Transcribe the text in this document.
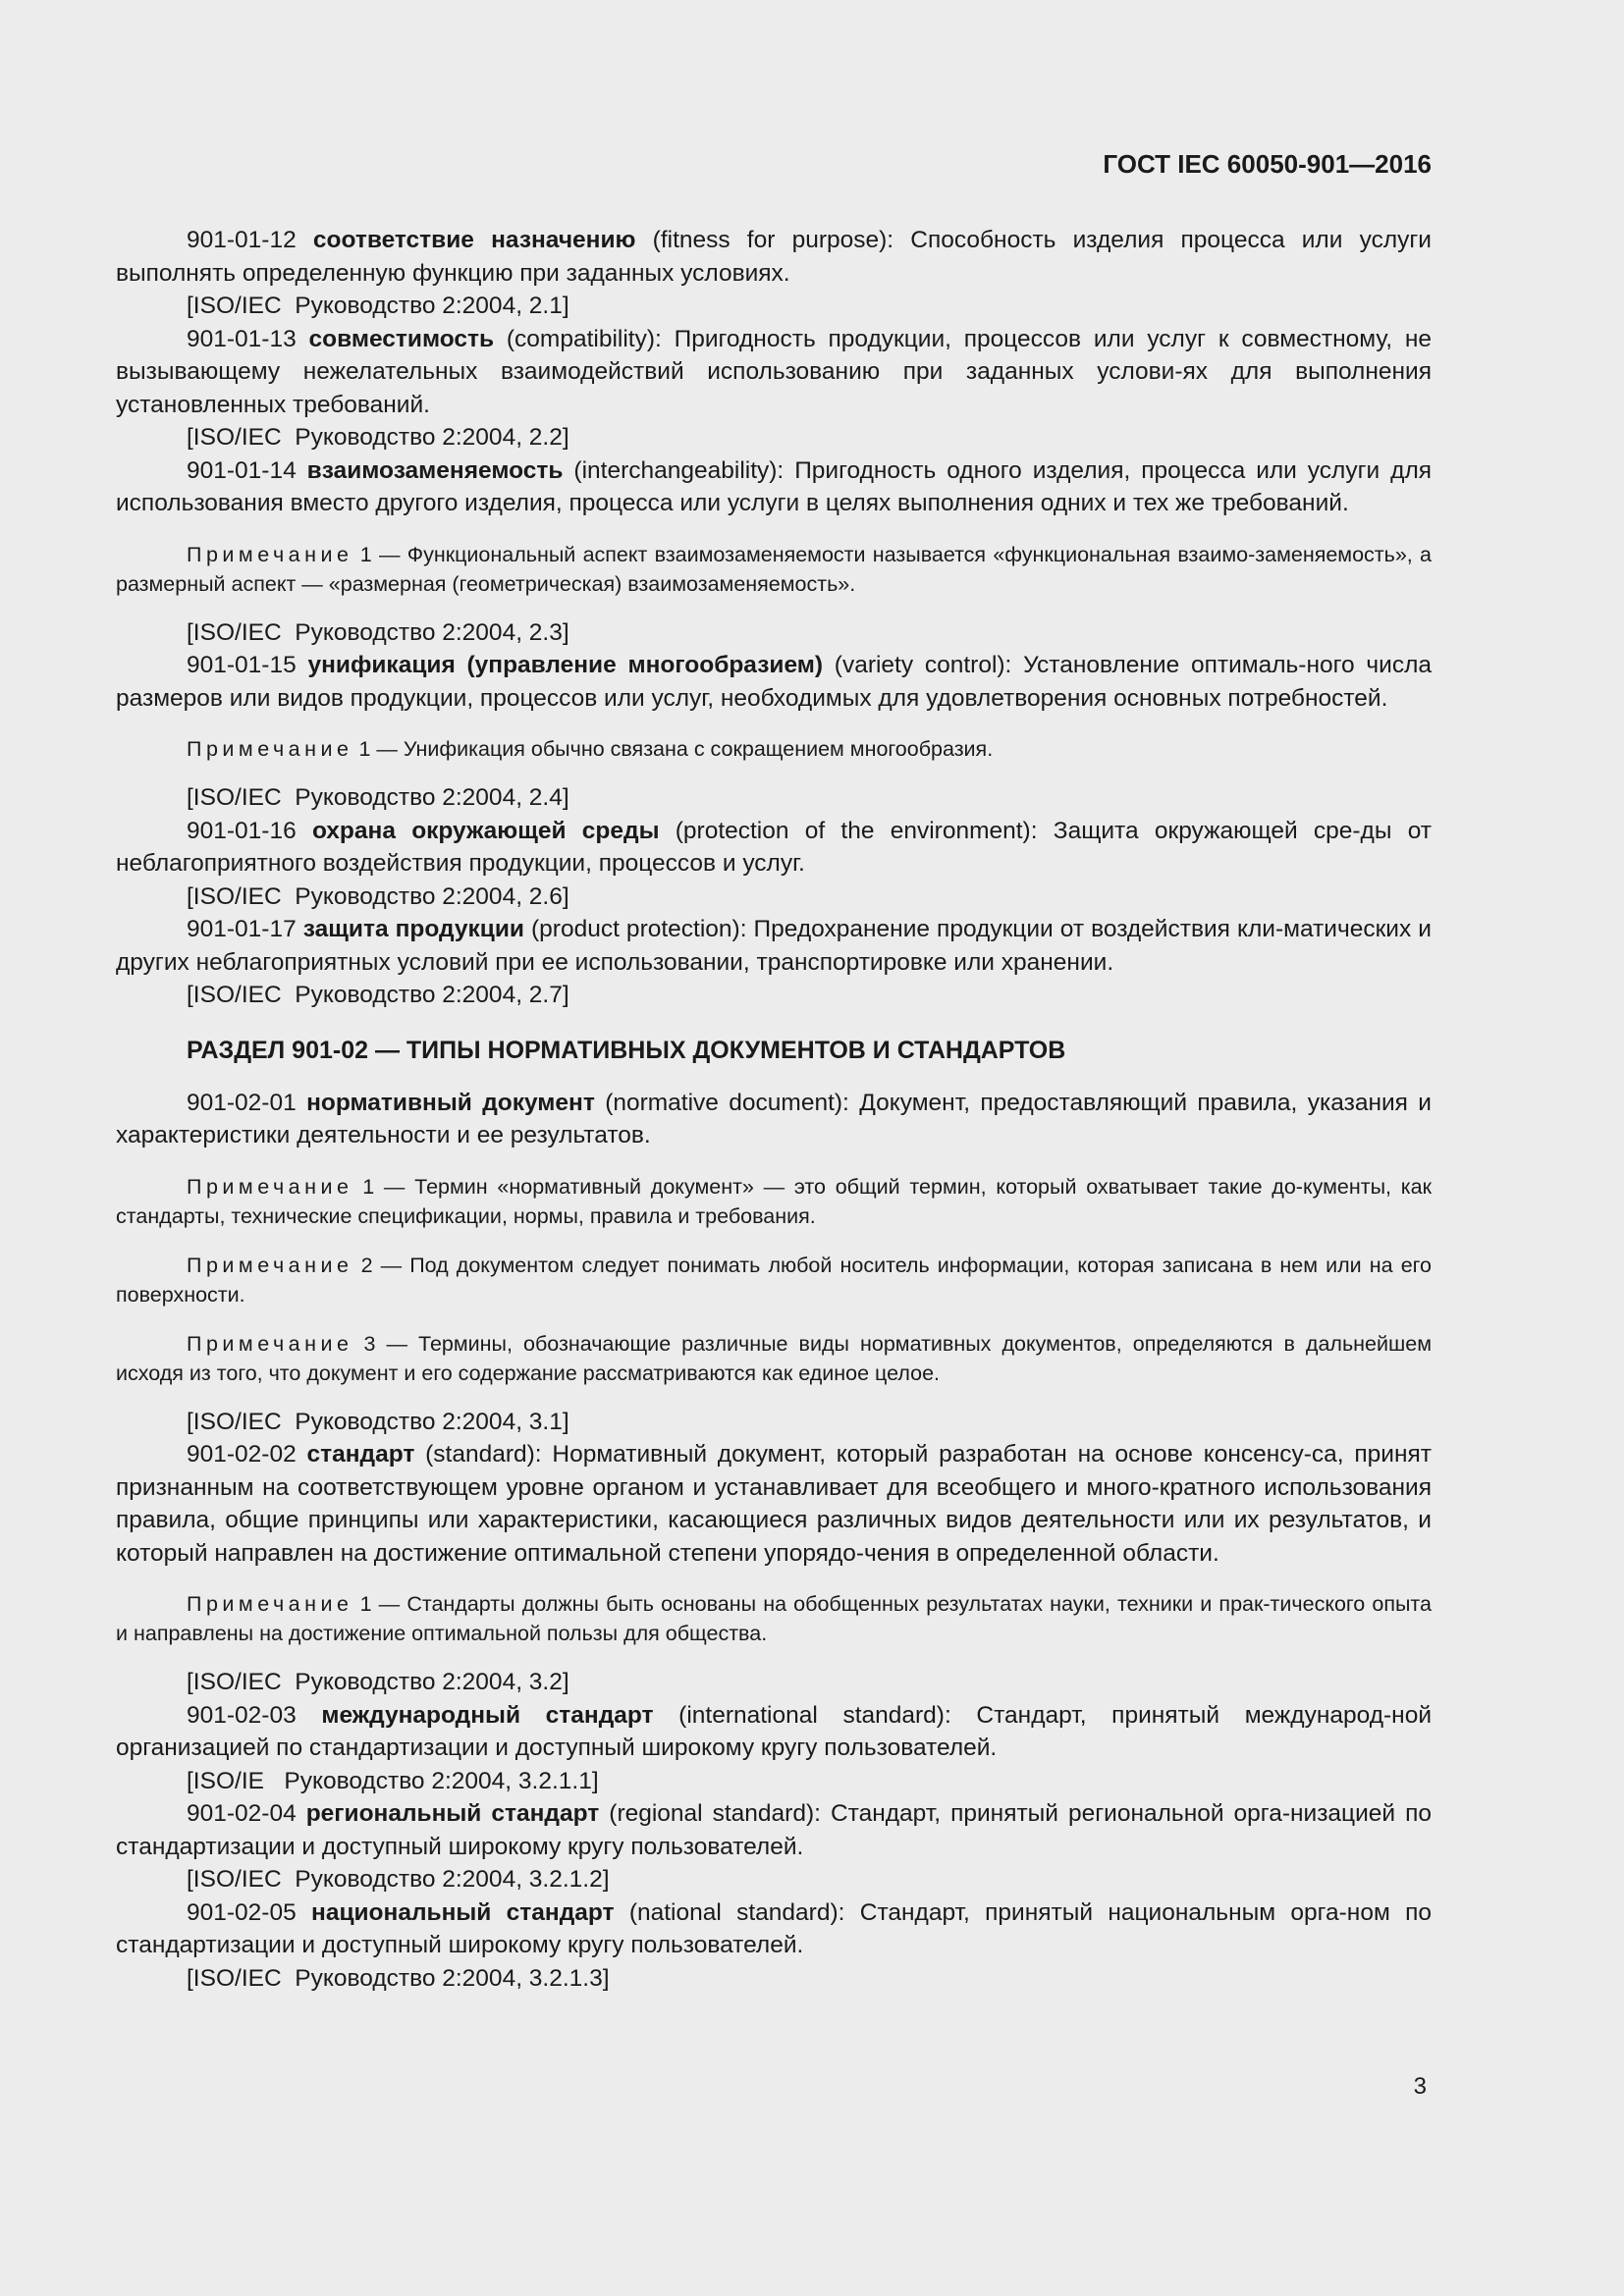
ГОСТ IEC 60050-901—2016
901-01-12 соответствие назначению (fitness for purpose): Способность изделия процесса или услуги выполнять определенную функцию при заданных условиях.
[ISO/IEC  Руководство 2:2004, 2.1]
901-01-13 совместимость (compatibility): Пригодность продукции, процессов или услуг к совместному, не вызывающему нежелательных взаимодействий использованию при заданных услови-ях для выполнения установленных требований.
[ISO/IEC  Руководство 2:2004, 2.2]
901-01-14 взаимозаменяемость (interchangeability): Пригодность одного изделия, процесса или услуги для использования вместо другого изделия, процесса или услуги в целях выполнения одних и тех же требований.
Примечание 1 — Функциональный аспект взаимозаменяемости называется «функциональная взаимо-заменяемость», а размерный аспект — «размерная (геометрическая) взаимозаменяемость».
[ISO/IEC  Руководство 2:2004, 2.3]
901-01-15 унификация (управление многообразием) (variety control): Установление оптималь-ного числа размеров или видов продукции, процессов или услуг, необходимых для удовлетворения основных потребностей.
Примечание 1 — Унификация обычно связана с сокращением многообразия.
[ISO/IEC  Руководство 2:2004, 2.4]
901-01-16 охрана окружающей среды (protection of the environment): Защита окружающей сре-ды от неблагоприятного воздействия продукции, процессов и услуг.
[ISO/IEC  Руководство 2:2004, 2.6]
901-01-17 защита продукции (product protection): Предохранение продукции от воздействия кли-матических и других неблагоприятных условий при ее использовании, транспортировке или хранении.
[ISO/IEC  Руководство 2:2004, 2.7]
РАЗДЕЛ 901-02 — ТИПЫ НОРМАТИВНЫХ ДОКУМЕНТОВ И СТАНДАРТОВ
901-02-01 нормативный документ (normative document): Документ, предоставляющий правила, указания и характеристики деятельности и ее результатов.
Примечание 1 — Термин «нормативный документ» — это общий термин, который охватывает такие до-кументы, как стандарты, технические спецификации, нормы, правила и требования.
Примечание 2 — Под документом следует понимать любой носитель информации, которая записана в нем или на его поверхности.
Примечание 3 — Термины, обозначающие различные виды нормативных документов, определяются в дальнейшем исходя из того, что документ и его содержание рассматриваются как единое целое.
[ISO/IEC  Руководство 2:2004, 3.1]
901-02-02 стандарт (standard): Нормативный документ, который разработан на основе консенсу-са, принят признанным на соответствующем уровне органом и устанавливает для всеобщего и много-кратного использования правила, общие принципы или характеристики, касающиеся различных видов деятельности или их результатов, и который направлен на достижение оптимальной степени упорядо-чения в определенной области.
Примечание 1 — Стандарты должны быть основаны на обобщенных результатах науки, техники и прак-тического опыта и направлены на достижение оптимальной пользы для общества.
[ISO/IEC  Руководство 2:2004, 3.2]
901-02-03 международный стандарт (international standard): Стандарт, принятый международ-ной организацией по стандартизации и доступный широкому кругу пользователей.
[ISO/IE   Руководство 2:2004, 3.2.1.1]
901-02-04 региональный стандарт (regional standard): Стандарт, принятый региональной орга-низацией по стандартизации и доступный широкому кругу пользователей.
[ISO/IEC  Руководство 2:2004, 3.2.1.2]
901-02-05 национальный стандарт (national standard): Стандарт, принятый национальным орга-ном по стандартизации и доступный широкому кругу пользователей.
[ISO/IEC  Руководство 2:2004, 3.2.1.3]
3
